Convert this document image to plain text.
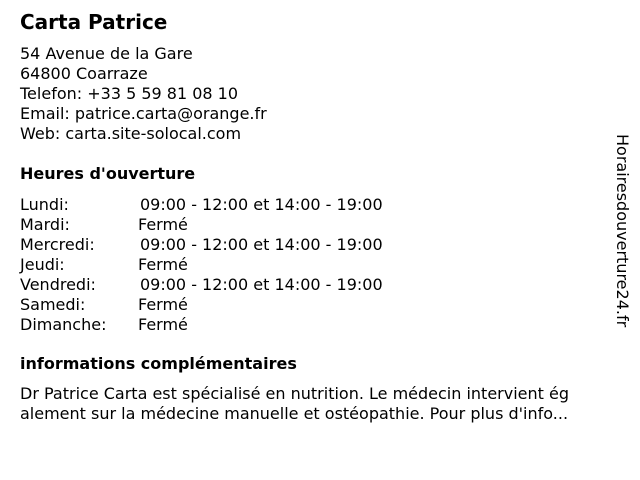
Carta Patrice
54 Avenue de la Gare
64800 Coarraze
Telefon: +33 5 59 81 08 10
Email: patrice.carta@orange.fr
Web: carta.site-solocal.com
Heures d'ouverture
Lundi:	09:00 - 12:00 et 14:00 - 19:00
Mardi:	Fermé
Mercredi:	09:00 - 12:00 et 14:00 - 19:00
Jeudi:	Fermé
Vendredi:	09:00 - 12:00 et 14:00 - 19:00
Samedi:	Fermé
Dimanche: Fermé
informations complémentaires
Dr Patrice Carta est spécialisé en nutrition. Le médecin intervient ég
alement sur la médecine manuelle et ostéopathie. Pour plus d'info...
Horairesdouverture24.fr
